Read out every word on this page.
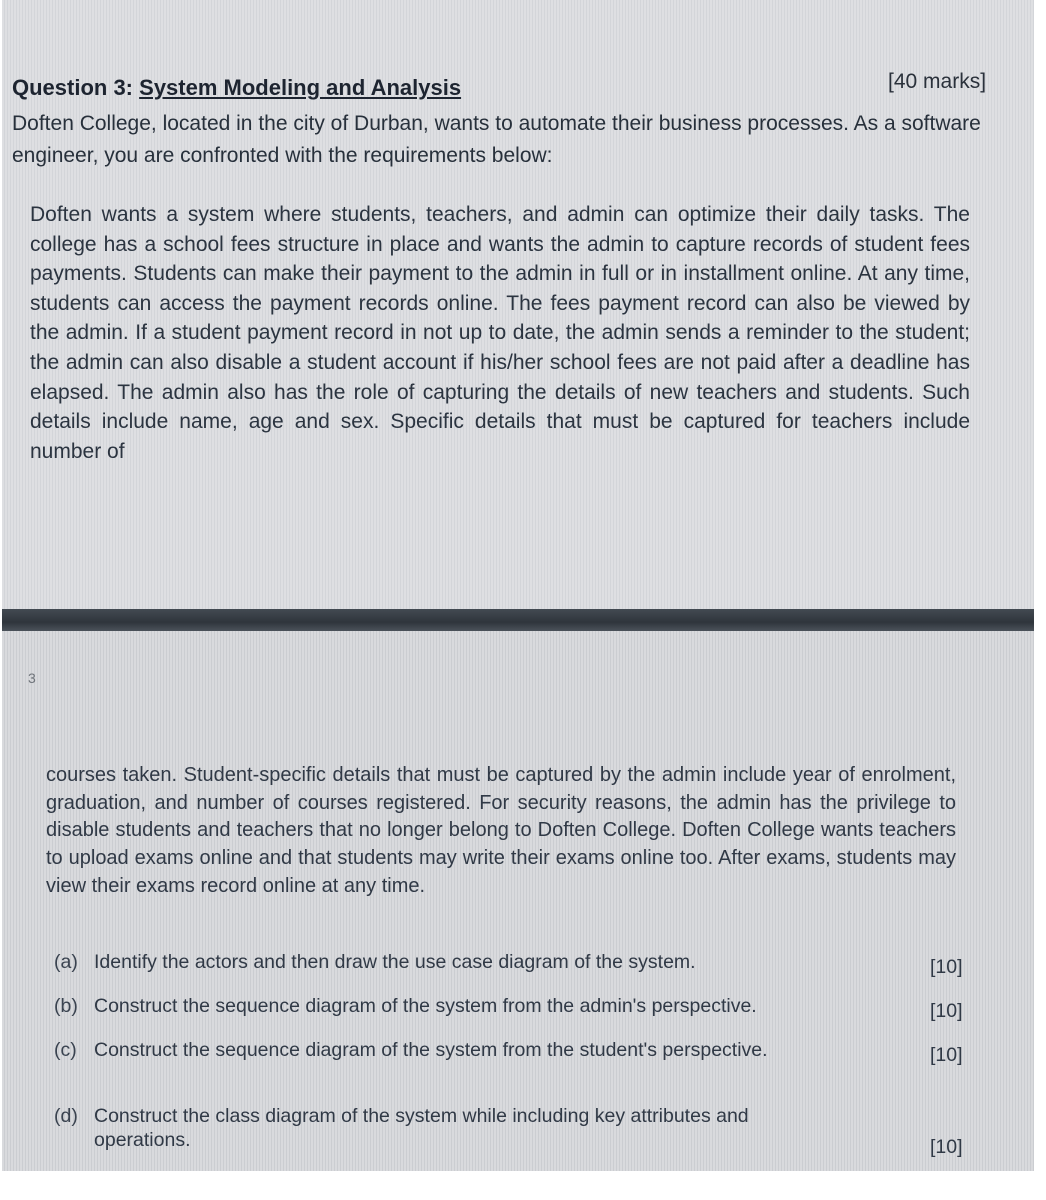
Question 3: System Modeling and Analysis	[40 marks]
Doften College, located in the city of Durban, wants to automate their business processes. As a software engineer, you are confronted with the requirements below:
Doften wants a system where students, teachers, and admin can optimize their daily tasks. The college has a school fees structure in place and wants the admin to capture records of student fees payments. Students can make their payment to the admin in full or in installment online. At any time, students can access the payment records online. The fees payment record can also be viewed by the admin. If a student payment record in not up to date, the admin sends a reminder to the student; the admin can also disable a student account if his/her school fees are not paid after a deadline has elapsed. The admin also has the role of capturing the details of new teachers and students. Such details include name, age and sex. Specific details that must be captured for teachers include number of
3
courses taken. Student-specific details that must be captured by the admin include year of enrolment, graduation, and number of courses registered. For security reasons, the admin has the privilege to disable students and teachers that no longer belong to Doften College. Doften College wants teachers to upload exams online and that students may write their exams online too. After exams, students may view their exams record online at any time.
(a) Identify the actors and then draw the use case diagram of the system.	[10]
(b) Construct the sequence diagram of the system from the admin's perspective.	[10]
(c) Construct the sequence diagram of the system from the student's perspective.	[10]
(d) Construct the class diagram of the system while including key attributes and operations.	[10]
